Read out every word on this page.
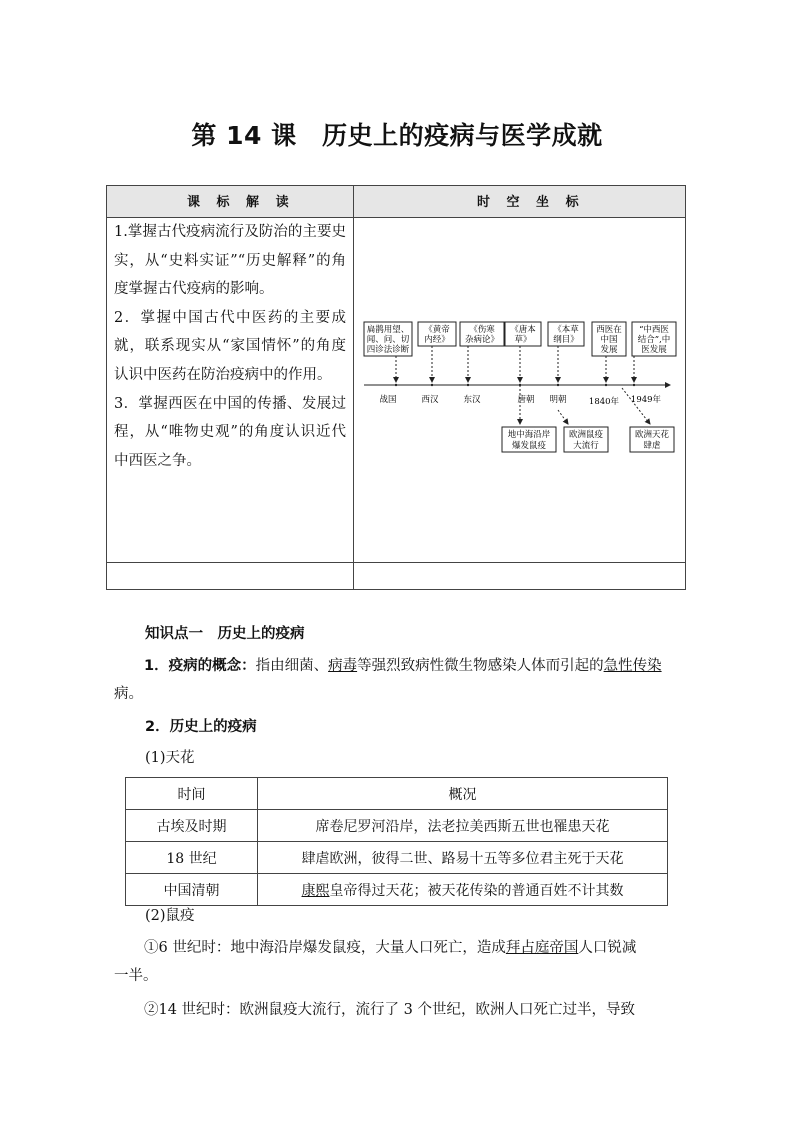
第 14 课　历史上的疫病与医学成就
课 标 解 读	时 空 坐 标

1.掌握古代疫病流行及防治的主要史实，从“史料实证”“历史解释”的角度掌握古代疫病的影响。

2．掌握中国古代中医药的主要成就，联系现实从“家国情怀”的角度认识中医药在防治疫病中的作用。

3．掌握西医在中国的传播、发展过程，从“唯物史观”的角度认识近代中西医之争。

扁鹊用望、
闻、问、切
四诊法诊断
《黄帝
内经》
《伤寒
杂病论》
《唐本
草》
《本草
纲目》
西医在
中国
发展
“中西医
结合”,中
医发展
战国	西汉	东汉	唐朝 明朝	1840年 1949年
地中海沿岸
爆发鼠疫
欧洲鼠疫
大流行
欧洲天花
肆虐
知识点一　历史上的疫病
1．疫病的概念：指由细菌、病毒等强烈致病性微生物感染人体而引起的急性传染病。
2．历史上的疫病
(1)天花
时间	概况
古埃及时期	席卷尼罗河沿岸，法老拉美西斯五世也罹患天花
18 世纪	肆虐欧洲，彼得二世、路易十五等多位君主死于天花
中国清朝	康熙皇帝得过天花；被天花传染的普通百姓不计其数
(2)鼠疫
①6 世纪时：地中海沿岸爆发鼠疫，大量人口死亡，造成拜占庭帝国人口锐减
一半。
②14 世纪时：欧洲鼠疫大流行，流行了 3 个世纪，欧洲人口死亡过半，导致
